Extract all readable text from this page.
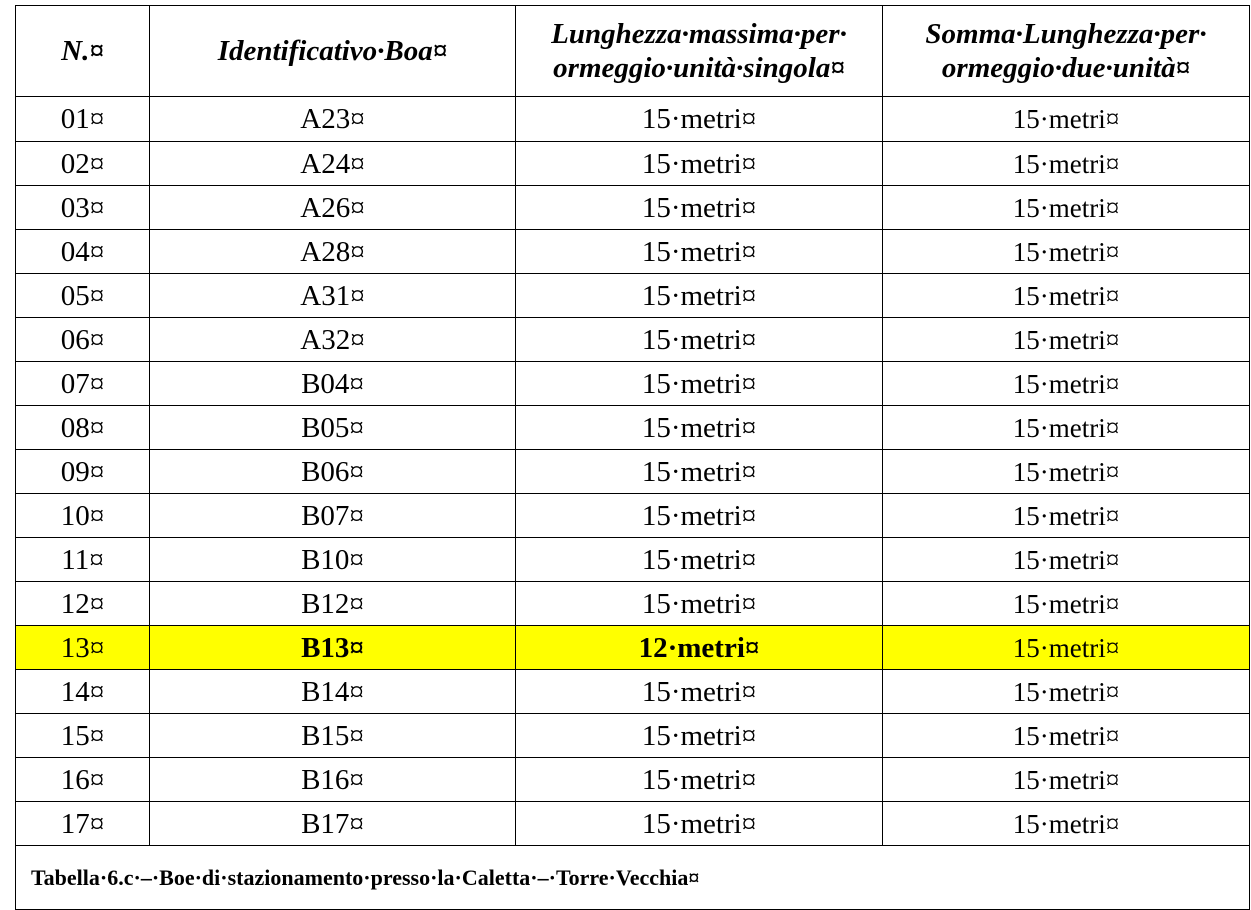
N.¤	Identificativo·Boa¤	Lunghezza·massima·per·
ormeggio·unità·singola¤	Somma·Lunghezza·per·
ormeggio·due·unità¤
01¤	A23¤	15·metri¤	15·metri¤
02¤	A24¤	15·metri¤	15·metri¤
03¤	A26¤	15·metri¤	15·metri¤
04¤	A28¤	15·metri¤	15·metri¤
05¤	A31¤	15·metri¤	15·metri¤
06¤	A32¤	15·metri¤	15·metri¤
07¤	B04¤	15·metri¤	15·metri¤
08¤	B05¤	15·metri¤	15·metri¤
09¤	B06¤	15·metri¤	15·metri¤
10¤	B07¤	15·metri¤	15·metri¤
11¤	B10¤	15·metri¤	15·metri¤
12¤	B12¤	15·metri¤	15·metri¤
13¤	B13¤	12·metri¤	15·metri¤
14¤	B14¤	15·metri¤	15·metri¤
15¤	B15¤	15·metri¤	15·metri¤
16¤	B16¤	15·metri¤	15·metri¤
17¤	B17¤	15·metri¤	15·metri¤
Tabella·6.c·–·Boe·di·stazionamento·presso·la·Caletta·–·Torre·Vecchia¤			
